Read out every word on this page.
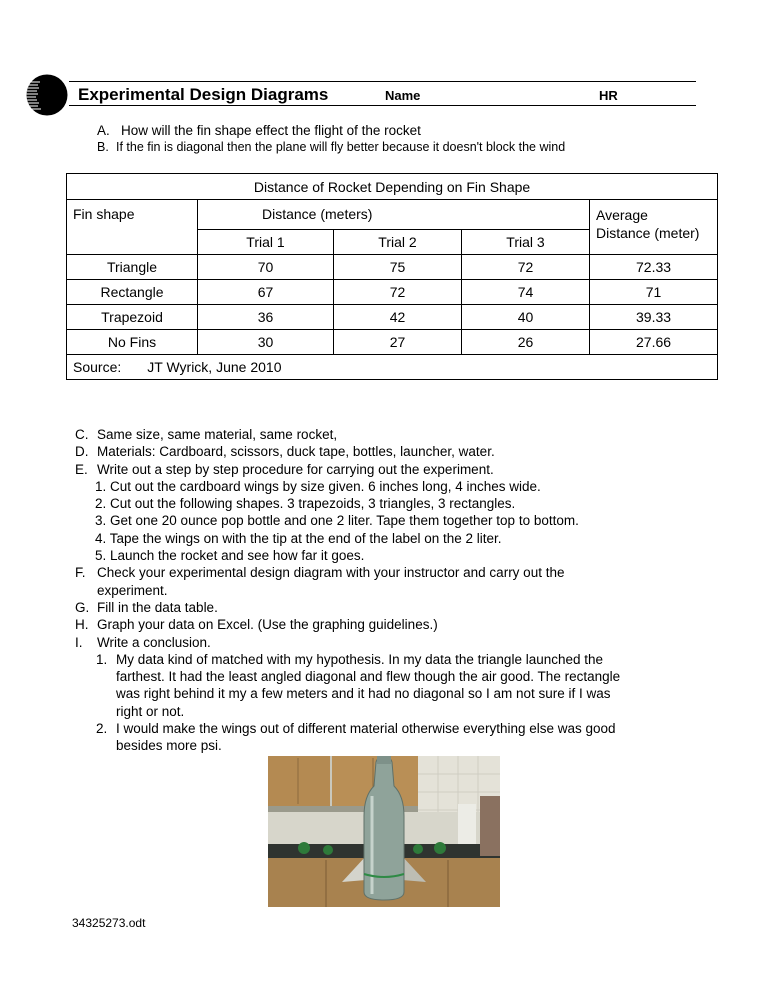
Experimental Design Diagrams	Name	HR
A. How will the fin shape effect the flight of the rocket
B. If the fin is diagonal then the plane will fly better because it doesn't block the wind
Distance of Rocket Depending on Fin Shape				
Fin shape	Distance (meters)			Average
Distance (meter)

	Trial 1	Trial 2	Trial 3	
Triangle	70	75	72	72.33
Rectangle	67	72	74	71
Trapezoid	36	42	40	39.33
No Fins	30	27	26	27.66
Source: JT Wyrick, June 2010				
C. Same size, same material, same rocket,
D. Materials: Cardboard, scissors, duck tape, bottles, launcher, water.
E. Write out a step by step procedure for carrying out the experiment.
1. Cut out the cardboard wings by size given. 6 inches long, 4 inches wide.
2. Cut out the following shapes. 3 trapezoids, 3 triangles, 3 rectangles.
3. Get one 20 ounce pop bottle and one 2 liter. Tape them together top to bottom.
4. Tape the wings on with the tip at the end of the label on the 2 liter.
5. Launch the rocket and see how far it goes.
F. Check your experimental design diagram with your instructor and carry out the
experiment.
G. Fill in the data table.
H. Graph your data on Excel. (Use the graphing guidelines.)
I.	Write a conclusion.
1. My data kind of matched with my hypothesis. In my data the triangle launched the
farthest. It had the least angled diagonal and flew though the air good. The rectangle
was right behind it my a few meters and it had no diagonal so I am not sure if I was
right or not.
2. I would make the wings out of different material otherwise everything else was good
besides more psi.
34325273.odt
